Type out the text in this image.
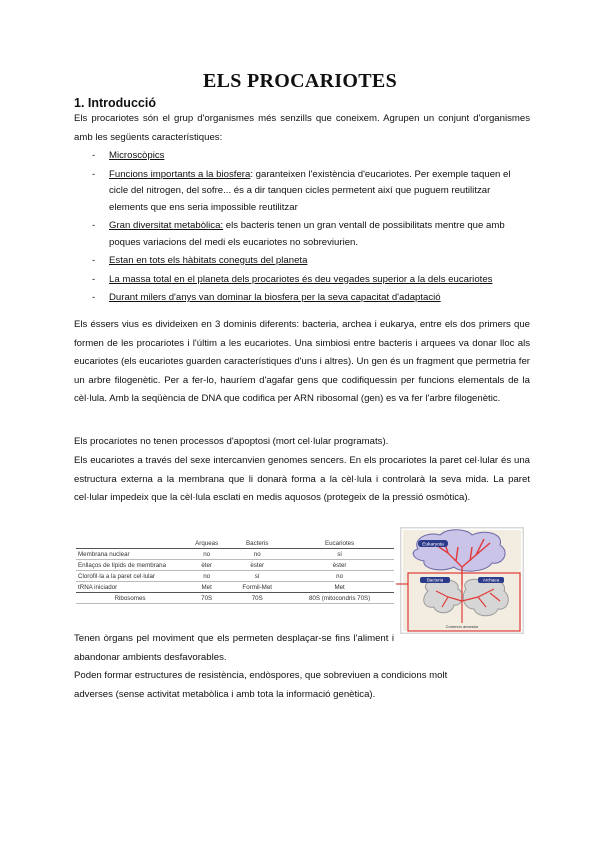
ELS PROCARIOTES
1. Introducció
Els procariotes són el grup d'organismes més senzills que coneixem. Agrupen un conjunt d'organismes amb les següents característiques:
- Microscòpics
- Funcions importants a la biosfera: garanteixen l'existència d'eucariotes. Per exemple taquen el cicle del nitrogen, del sofre... és a dir tanquen cicles permetent així que puguem reutilitzar elements que ens seria impossible reutilitzar
- Gran diversitat metabòlica: els bacteris tenen un gran ventall de possibilitats mentre que amb poques variacions del medi els eucariotes no sobreviurien.
- Estan en tots els hàbitats coneguts del planeta
- La massa total en el planeta dels procariotes és deu vegades superior a la dels eucariotes
- Durant milers d'anys van dominar la biosfera per la seva capacitat d'adaptació
Els éssers vius es divideixen en 3 dominis diferents: bacteria, archea i eukarya, entre els dos primers que formen de les procariotes i l'últim a les eucariotes. Una simbiosi entre bacteris i arquees va donar lloc als eucariotes (els eucariotes guarden característiques d'uns i altres). Un gen és un fragment que permetria fer un arbre filogenètic. Per a fer-lo, hauríem d'agafar gens que codifiquessin per funcions elementals de la cèl·lula. Amb la seqüència de DNA que codifica per ARN ribosomal (gen) es va fer l'arbre filogenètic.
Els procariotes no tenen processos d'apoptosi (mort cel·lular programats).
Els eucariotes a través del sexe intercanvien genomes sencers. En els procariotes la paret cel·lular és una estructura externa a la membrana que li donarà forma a la cèl·lula i controlarà la seva mida. La paret cel·lular impedeix que la cèl·lula esclati en medis aquosos (protegeix de la pressió osmòtica).
	Arqueas	Bacteris	Eucariotes
Membrana nuclear	no	no	sí
Enllaços de lípids de membrana	èter	èster	èster
Clorofil·la a la paret cel·lular	no	sí	no
tRNA iniciador	Met	Formil-Met	Met
Ribosomes	70S	70S	80S (mitocondris 70S)
Eukaryota
Bacteria	Archaea
Common ancestor
Tenen òrgans pel moviment que els permeten desplaçar-se fins l'aliment i abandonar ambients desfavorables.
Poden formar estructures de resistència, endòspores, que sobreviuen a condicions molt adverses (sense activitat metabòlica i amb tota la informació genètica).
